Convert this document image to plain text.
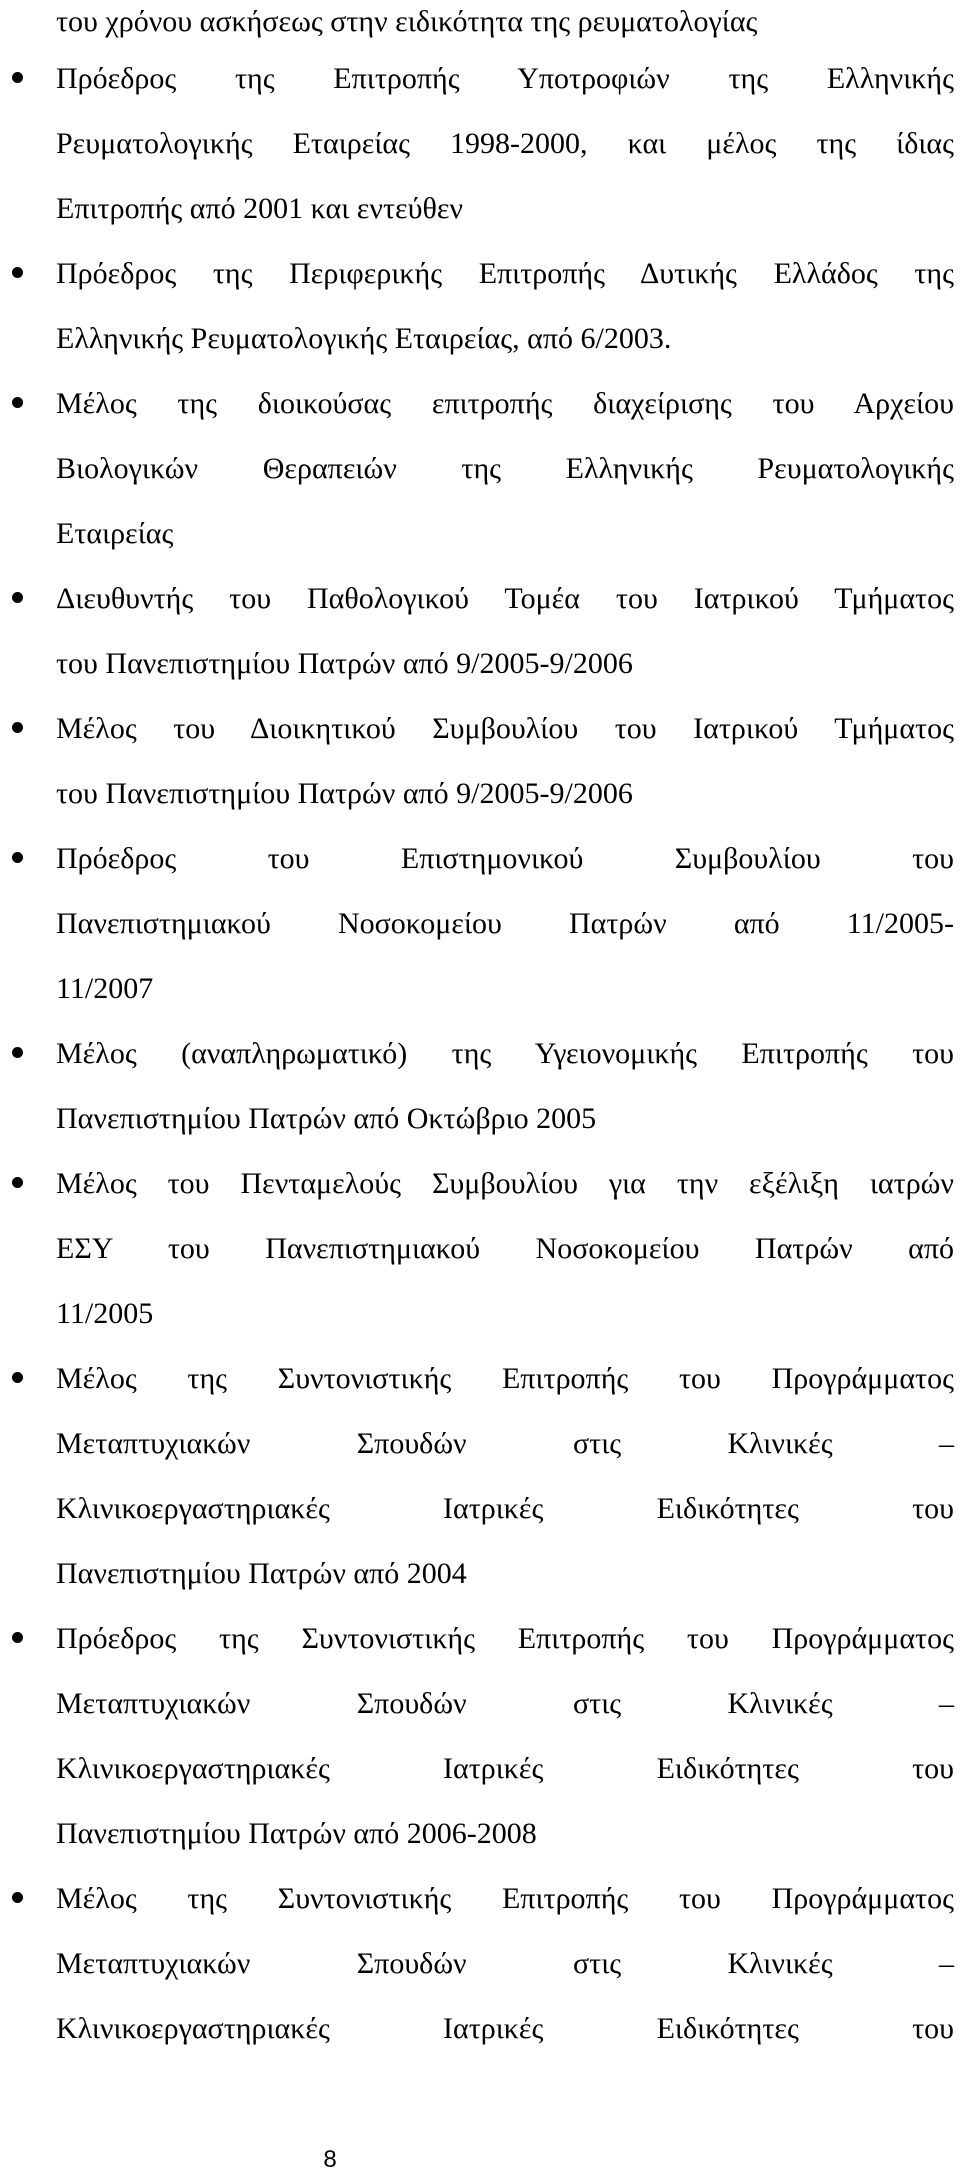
του χρόνου ασκήσεως στην ειδικότητα της ρευματολογίας
Πρόεδρος της Επιτροπής Υποτροφιών της Ελληνικής
Ρευματολογικής Εταιρείας 1998-2000, και μέλος της ίδιας
Επιτροπής από 2001 και εντεύθεν
Πρόεδρος της Περιφερικής Επιτροπής Δυτικής Ελλάδος της
Ελληνικής Ρευματολογικής Εταιρείας, από 6/2003.
Μέλος της διοικούσας επιτροπής διαχείρισης του Αρχείου
Βιολογικών Θεραπειών της Ελληνικής Ρευματολογικής
Εταιρείας
Διευθυντής του Παθολογικού Τομέα του Ιατρικού Τμήματος
του Πανεπιστημίου Πατρών από 9/2005-9/2006
Μέλος του Διοικητικού Συμβουλίου του Ιατρικού Τμήματος
του Πανεπιστημίου Πατρών από 9/2005-9/2006
Πρόεδρος του Επιστημονικού Συμβουλίου του
Πανεπιστημιακού Νοσοκομείου Πατρών από 11/2005-
11/2007
Μέλος (αναπληρωματικό) της Υγειονομικής Επιτροπής του
Πανεπιστημίου Πατρών από Οκτώβριο 2005
Μέλος του Πενταμελούς Συμβουλίου για την εξέλιξη ιατρών
ΕΣΥ του Πανεπιστημιακού Νοσοκομείου Πατρών από
11/2005
Μέλος της Συντονιστικής Επιτροπής του Προγράμματος
Μεταπτυχιακών Σπουδών στις Κλινικές –
Κλινικοεργαστηριακές Ιατρικές Ειδικότητες του
Πανεπιστημίου Πατρών από 2004
Πρόεδρος της Συντονιστικής Επιτροπής του Προγράμματος
Μεταπτυχιακών Σπουδών στις Κλινικές –
Κλινικοεργαστηριακές Ιατρικές Ειδικότητες του
Πανεπιστημίου Πατρών από 2006-2008
Μέλος της Συντονιστικής Επιτροπής του Προγράμματος
Μεταπτυχιακών Σπουδών στις Κλινικές –
Κλινικοεργαστηριακές Ιατρικές Ειδικότητες του
8
